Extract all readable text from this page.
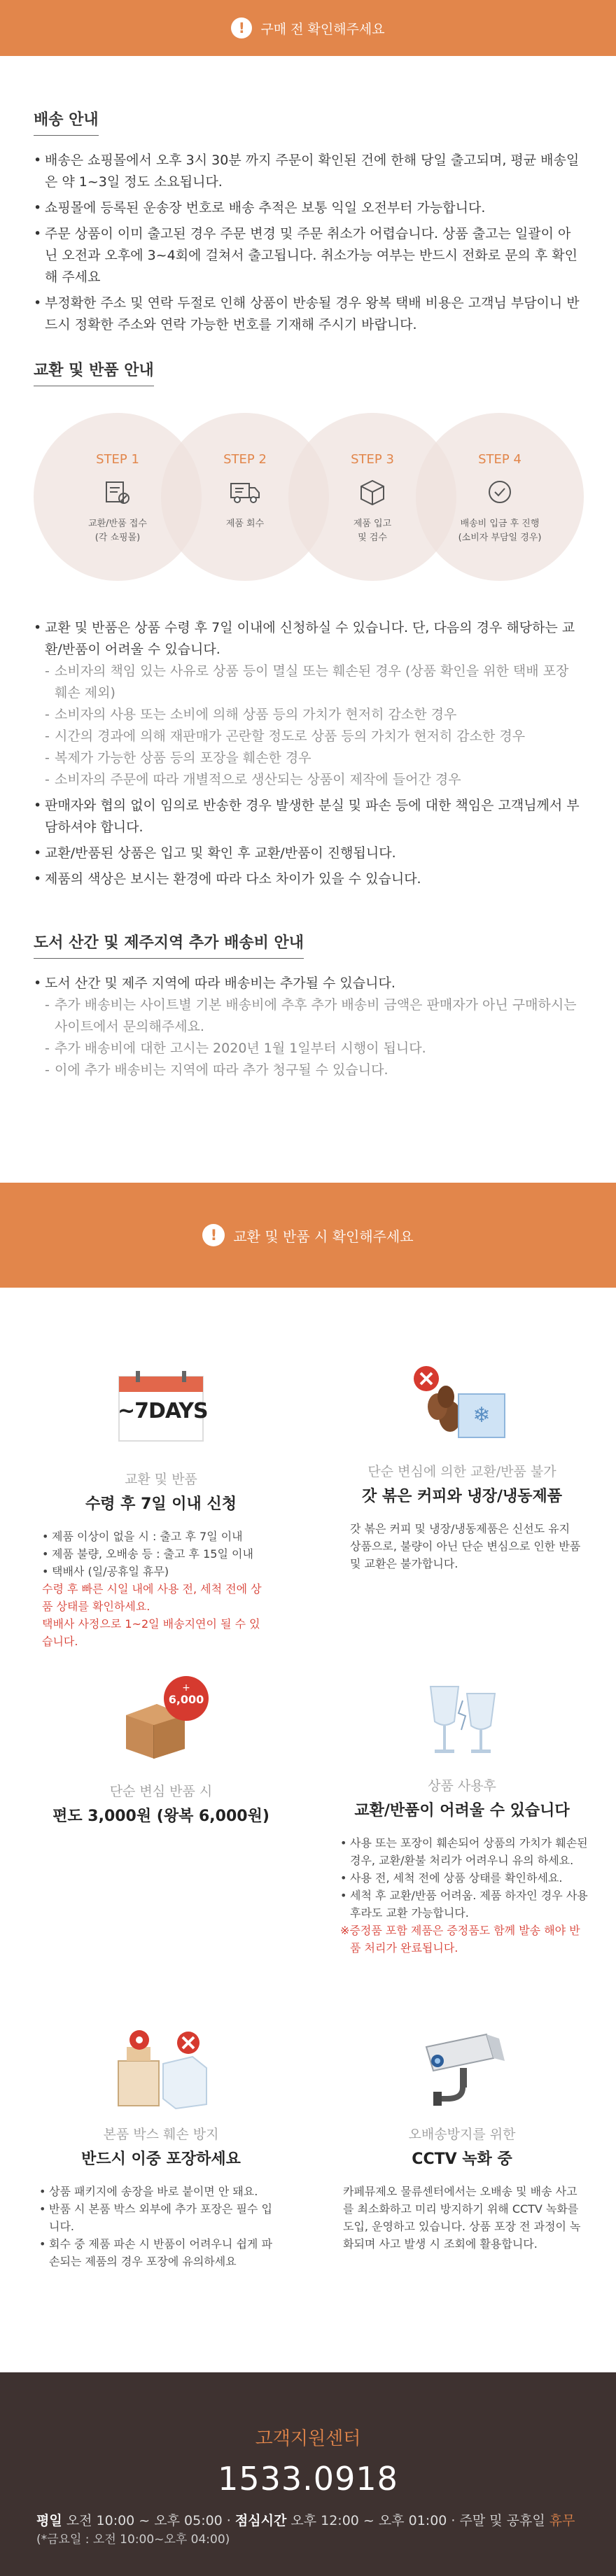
!	구매 전 확인해주세요
배송 안내
• 배송은 쇼핑몰에서 오후 3시 30분 까지 주문이 확인된 건에 한해 당일 출고되며, 평균 배송일은 약 1~3일 정도 소요됩니다.
• 쇼핑몰에 등록된 운송장 번호로 배송 추적은 보통 익일 오전부터 가능합니다.
• 주문 상품이 이미 출고된 경우 주문 변경 및 주문 취소가 어렵습니다. 상품 출고는 일괄이 아닌 오전과 오후에 3~4회에 걸쳐서 출고됩니다. 취소가능 여부는 반드시 전화로 문의 후 확인해 주세요
• 부정확한 주소 및 연락 두절로 인해 상품이 반송될 경우 왕복 택배 비용은 고객님 부담이니 반드시 정확한 주소와 연락 가능한 번호를 기재해 주시기 바랍니다.
교환 및 반품 안내
STEP 1
교환/반품 접수
(각 쇼핑몰)
STEP 2
제품 회수

STEP 3
제품 입고
및 검수
STEP 4
배송비 입금 후 진행
(소비자 부담일 경우)
• 교환 및 반품은 상품 수령 후 7일 이내에 신청하실 수 있습니다. 단, 다음의 경우 해당하는 교환/반품이 어려울 수 있습니다.
- 소비자의 책임 있는 사유로 상품 등이 멸실 또는 훼손된 경우 (상품 확인을 위한 택배 포장 훼손 제외)
- 소비자의 사용 또는 소비에 의해 상품 등의 가치가 현저히 감소한 경우
- 시간의 경과에 의해 재판매가 곤란할 정도로 상품 등의 가치가 현저히 감소한 경우
- 복제가 가능한 상품 등의 포장을 훼손한 경우
- 소비자의 주문에 따라 개별적으로 생산되는 상품이 제작에 들어간 경우
• 판매자와 협의 없이 임의로 반송한 경우 발생한 분실 및 파손 등에 대한 책임은 고객님께서 부담하셔야 합니다.
• 교환/반품된 상품은 입고 및 확인 후 교환/반품이 진행됩니다.
• 제품의 색상은 보시는 환경에 따라 다소 차이가 있을 수 있습니다.
도서 산간 및 제주지역 추가 배송비 안내
• 도서 산간 및 제주 지역에 따라 배송비는 추가될 수 있습니다.
- 추가 배송비는 사이트별 기본 배송비에 추후 추가 배송비 금액은 판매자가 아닌 구매하시는 사이트에서 문의해주세요.
- 추가 배송비에 대한 고시는 2020년 1월 1일부터 시행이 됩니다.
- 이에 추가 배송비는 지역에 따라 추가 청구될 수 있습니다.
!	교환 및 반품 시 확인해주세요
~7DAYS
교환 및 반품
수령 후 7일 이내 신청
• 제품 이상이 없을 시 : 출고 후 7일 이내
• 제품 불량, 오배송 등 : 출고 후 15일 이내
• 택배사 (일/공휴일 휴무)
수령 후 빠른 시일 내에 사용 전, 세척 전에 상품 상태를 확인하세요.
택배사 사정으로 1~2일 배송지연이 될 수 있습니다.
❄
단순 변심에 의한 교환/반품 불가
갓 볶은 커피와 냉장/냉동제품
갓 볶은 커피 및 냉장/냉동제품은 신선도 유지 상품으로, 불량이 아닌 단순 변심으로 인한 반품 및 교환은 불가합니다.
+
6,000
단순 변심 반품 시
편도 3,000원 (왕복 6,000원)
상품 사용후
교환/반품이 어려울 수 있습니다
• 사용 또는 포장이 훼손되어 상품의 가치가 훼손된 경우, 교환/환불 처리가 어려우니 유의 하세요.
• 사용 전, 세척 전에 상품 상태를 확인하세요.
• 세척 후 교환/반품 어려움. 제품 하자인 경우 사용 후라도 교환 가능합니다.
※증정품 포함 제품은 증정품도 함께 발송 해야 반품 처리가 완료됩니다.
본품 박스 훼손 방지
반드시 이중 포장하세요
• 상품 패키지에 송장을 바로 붙이면 안 돼요.
• 반품 시 본품 박스 외부에 추가 포장은 필수 입니다.
• 회수 중 제품 파손 시 반품이 어려우니 쉽게 파손되는 제품의 경우 포장에 유의하세요
오배송방지를 위한
CCTV 녹화 중
카페뮤제오 물류센터에서는 오배송 및 배송 사고를 최소화하고 미리 방지하기 위해 CCTV 녹화를 도입, 운영하고 있습니다. 상품 포장 전 과정이 녹화되며 사고 발생 시 조회에 활용합니다.
고객지원센터
1533.0918
평일 오전 10:00 ~ 오후 05:00 · 점심시간 오후 12:00 ~ 오후 01:00 · 주말 및 공휴일 휴무
(*금요일 : 오전 10:00~오후 04:00)
